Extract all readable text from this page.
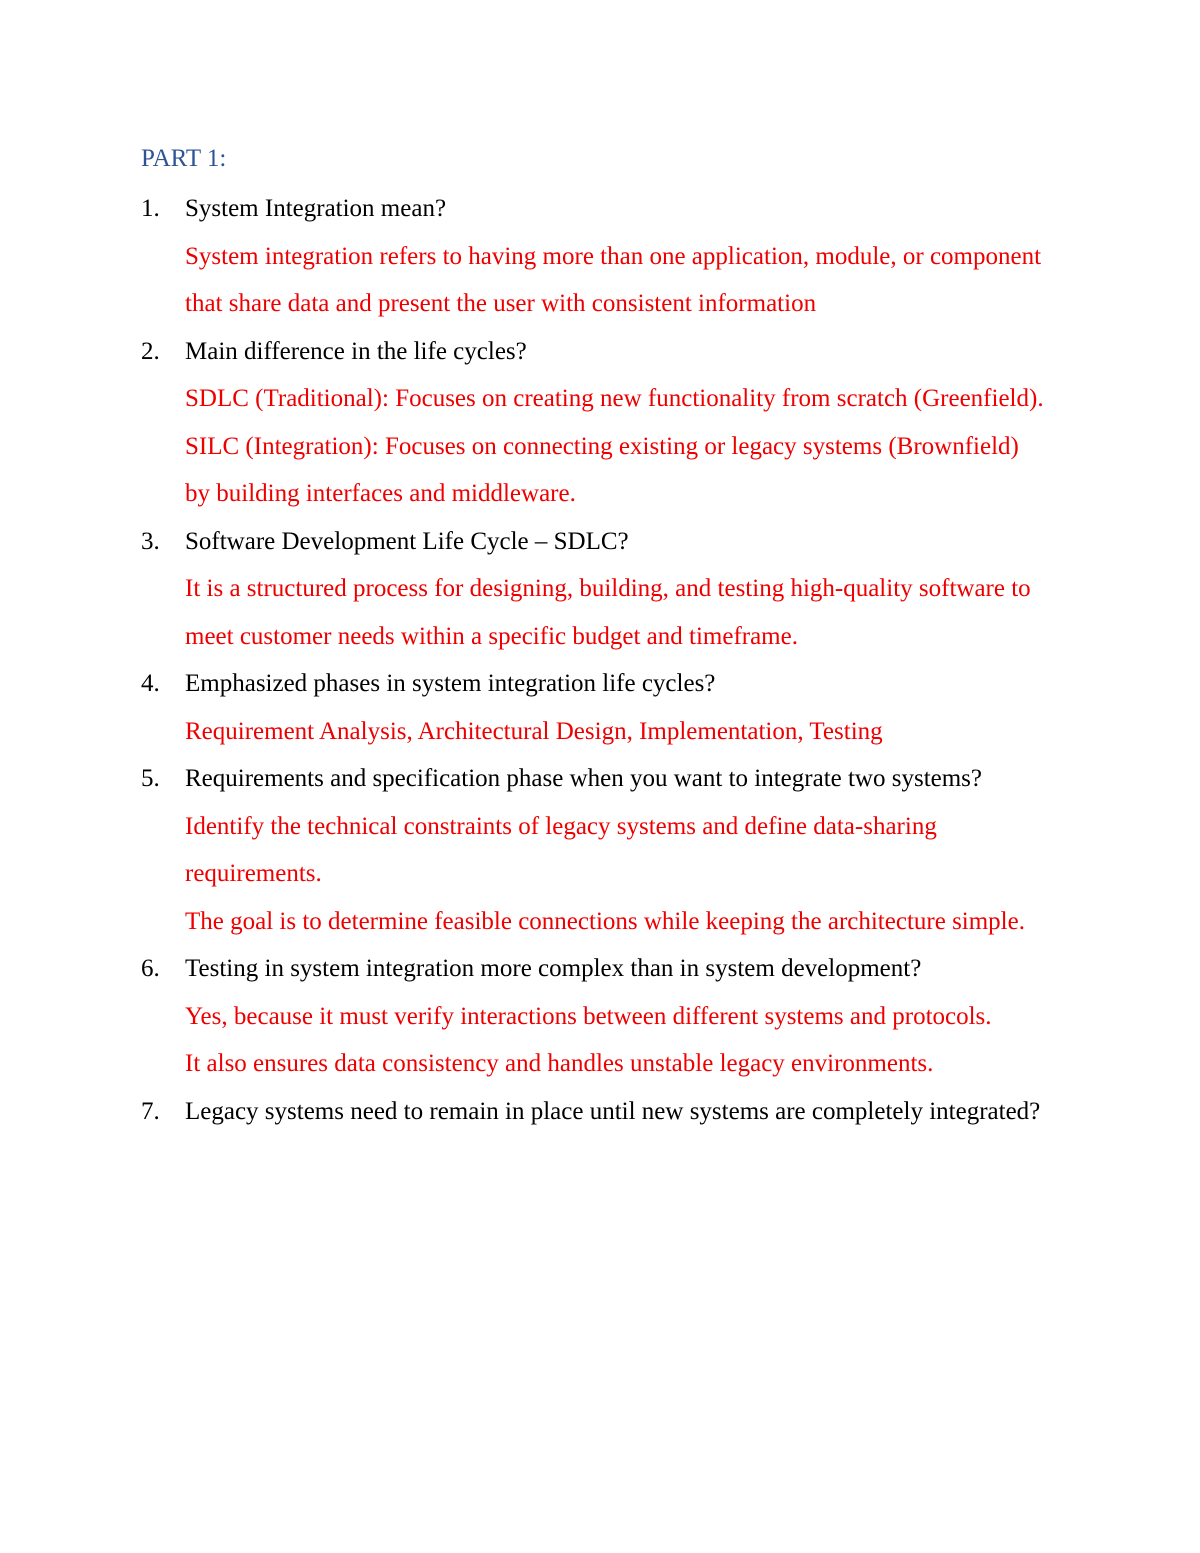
PART 1:
1.	System Integration mean?
System integration refers to having more than one application, module, or component that share data and present the user with consistent information
2.	Main difference in the life cycles?
SDLC (Traditional): Focuses on creating new functionality from scratch (Greenfield).
SILC (Integration): Focuses on connecting existing or legacy systems (Brownfield) by building interfaces and middleware.
3.	Software Development Life Cycle – SDLC?
It is a structured process for designing, building, and testing high-quality software to meet customer needs within a specific budget and timeframe.
4.	Emphasized phases in system integration life cycles?
Requirement Analysis, Architectural Design, Implementation, Testing
5.	Requirements and specification phase when you want to integrate two systems?
Identify the technical constraints of legacy systems and define data-sharing requirements.
The goal is to determine feasible connections while keeping the architecture simple.
6.	Testing in system integration more complex than in system development?
Yes, because it must verify interactions between different systems and protocols.
It also ensures data consistency and handles unstable legacy environments.
7.	Legacy systems need to remain in place until new systems are completely integrated?
